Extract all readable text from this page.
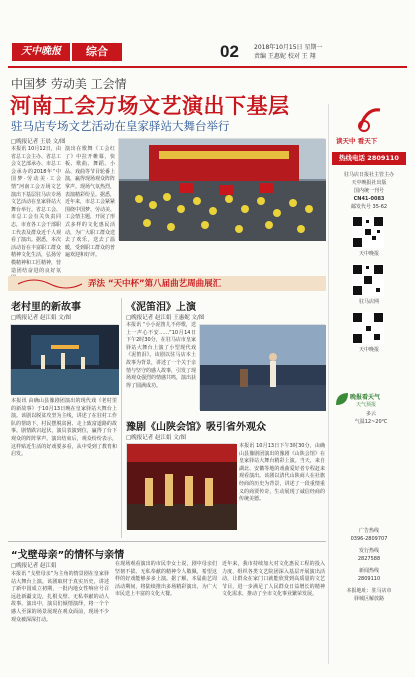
天中晚报	综合	02	2018年10月15日 星期一
责编 王惠妮 校对 王 翔
中国梦 劳动美 工会情
河南工会万场文艺演出下基层
驻马店专场文艺活动在皇家驿站大舞台举行
□晚报记者 王晨 文/图
本报讯 10月12日，由省总工会主办、省总工会文艺部承办、市总工会承办的2018年“中国梦·劳动美·工会情”河南工会万场文艺演出下基层驻马店专场文艺活动在皇家驿站大舞台举行。省总工会、市总工会有关负责同志，市直各工会干部职工代表及群众近千人观看了演出。据悉，本次活动旨在丰富职工群众精神文化生活，弘扬劳模精神和工匠精神，营造团结奋进的良好氛
演出在歌舞《工会红了》中拉开帷幕，快板、歌曲、舞蹈、小品、戏曲等节目轮番上演，赢得现场观众阵阵掌声。现场气氛热烈，表演精彩纷呈。据悉，近年来，市总工会紧紧围绕中国梦、劳动美、工会情主题，开展了形式多样的文化惠民活动，为广大职工群众送去了欢乐，送去了温暖，受到职工群众的普遍欢迎和好评。
弄法 “天中杯”第八届曲艺周曲展汇
老村里的新故事
□晚报记者 赵江娟 文/图
本报讯 由确山县豫剧团演出的现代戏《老村里的新故事》于10月13日晚在皇家驿站大舞台上演。该剧以脱贫攻坚为主线，讲述了在驻村工作队的帮助下，村民摆脱贫困、走上致富道路的故事。剧情跌宕起伏，演员表演到位，赢得了台下观众的阵阵掌声。演出结束后，观众纷纷表示，这样贴近生活的好戏要多看，从中受到了教育和启发。
《泥笛泪》上演
□晚报记者 赵江娟 王惠妮 文/图
本报讯 “小小泥笛儿不停歌，送上一声心不安……”10月14日下午2时30分，在驻马店市皇家驿站大舞台上演了小型现代戏《泥笛泪》。该剧以驻马店本土故事为背景，讲述了一个关于亲情与坚守的感人故事，引发了现场观众强烈的情感共鸣，演出获得了圆满成功。
豫剧《山陕会馆》吸引省外观众
□晚报记者 赵江娟 文/图
本报讯 10月13日下午3时30分，由确山县豫剧团演出的豫剧《山陕会馆》在皇家驿站大舞台精彩上演。当天，来自湖北、安徽等地的戏曲爱好者专程赶来观看演出。该剧以清代山陕商人在社旗经商的历史为背景，讲述了一段重情重义的商贾传奇，生动展现了诚信经商的传统美德。
“戈壁母亲”的情怀与亲情
□晚报记者 赵江娟
本报讯 “戈壁母亲”为主角的情景剧在皇家驿站大舞台上演。该剧取材于真实历史，讲述了新中国成立初期，一批内地女性响应号召远赴新疆支边，扎根戈壁、无私奉献的动人故事。演出中，演员们倾情演绎，将一个个感人至深的场景展现在观众面前，现场不少观众被深深打动。
在现场观看演出的市民李女士说，剧中母亲们坚韧不拔、无私奉献的精神令人敬佩，希望这样的好戏能够多多上演。据了解，本届曲艺周活动期间，将陆续推出多场精彩演出，为广大市民送上丰富的文化大餐。
近年来，我市持续加大对文化惠民工程的投入力度，组织各类文艺院团深入基层开展演出活动，让群众在家门口就能欣赏到高质量的文艺节目，进一步满足了人民群众日益增长的精神文化需求，推动了全市文化事业繁荣发展。
读天中 看天下
热线电话 2809110
驻马店日报社主管主办
天中晚报社出版
国内统一刊号
CN41-0083
邮发代号 35-62
天中晚报
驻马店网
天中晚报
晚报看天气
天气预报
多云
气温12~20℃
广告热线
0396-2809707
发行热线
2827588
新闻热线
2809110
本报地址：驻马店市
驿城区解放路
